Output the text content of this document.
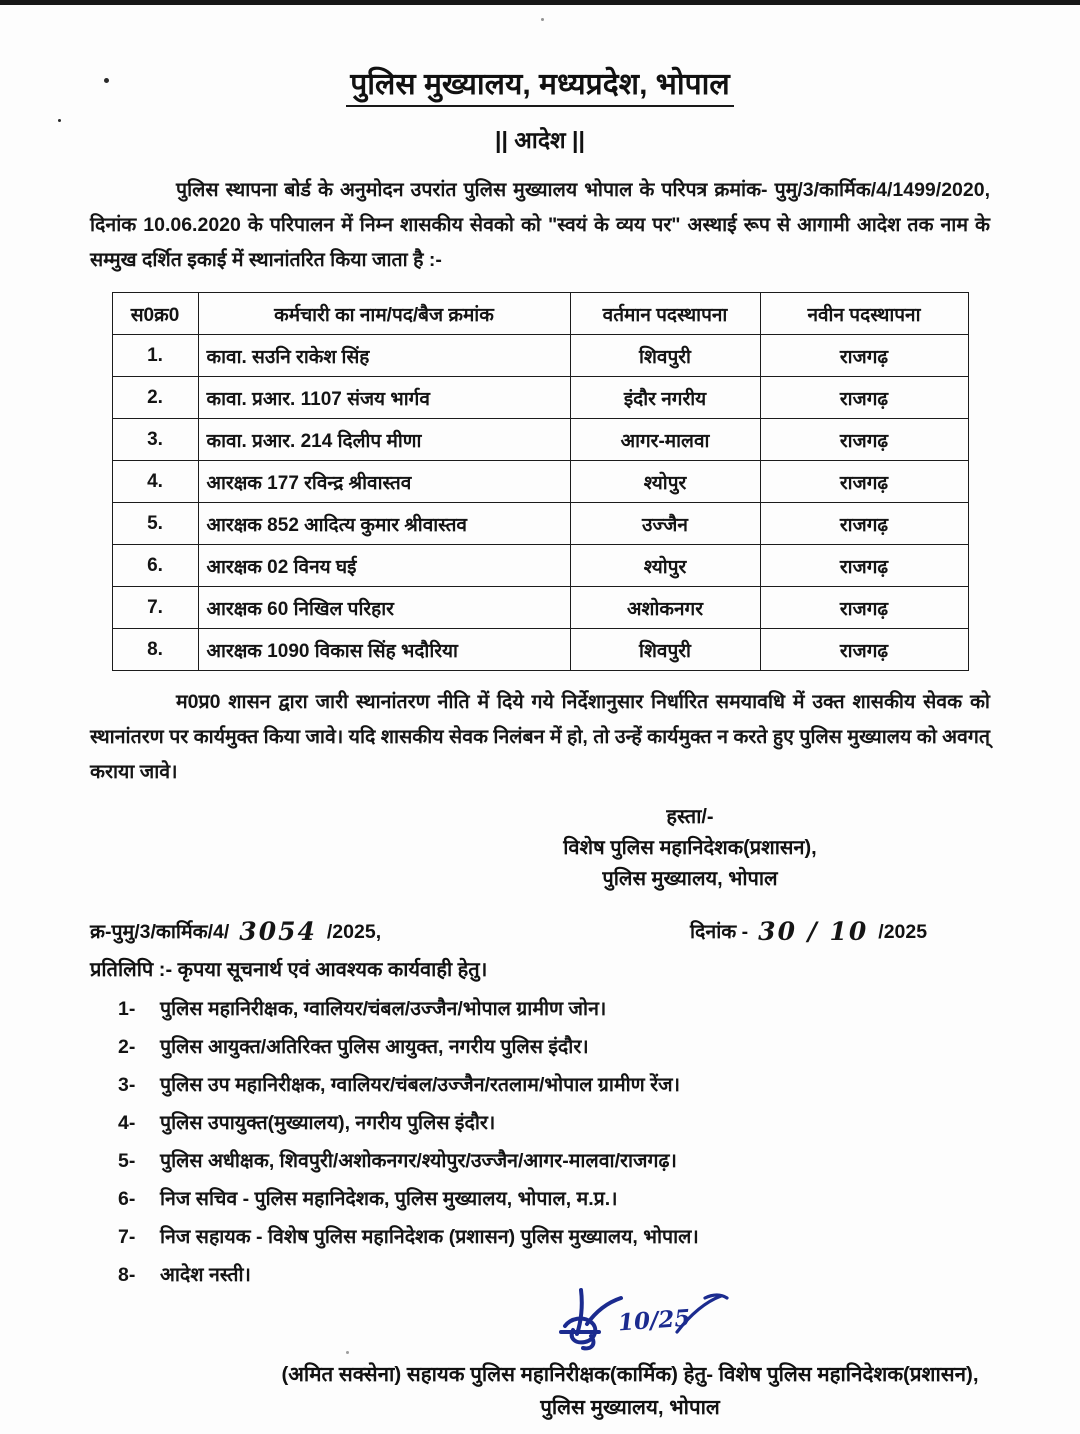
पुलिस मुख्यालय, मध्यप्रदेश, भोपाल
|| आदेश ||

पुलिस स्थापना बोर्ड के अनुमोदन उपरांत पुलिस मुख्यालय भोपाल के परिपत्र क्रमांक- पुमु/3/कार्मिक/4/1499/2020, दिनांक 10.06.2020 के परिपालन में निम्न शासकीय सेवको को "स्वयं के व्यय पर" अस्थाई रूप से आगामी आदेश तक नाम के सम्मुख दर्शित इकाई में स्थानांतरित किया जाता है :-

स0क्र0	कर्मचारी का नाम/पद/बैज क्रमांक	वर्तमान पदस्थापना	नवीन पदस्थापना
1.	कावा. सउनि राकेश सिंह	शिवपुरी	राजगढ़
2.	कावा. प्रआर. 1107 संजय भार्गव	इंदौर नगरीय	राजगढ़
3.	कावा. प्रआर. 214 दिलीप मीणा	आगर-मालवा	राजगढ़
4.	आरक्षक 177 रविन्द्र श्रीवास्तव	श्योपुर	राजगढ़
5.	आरक्षक 852 आदित्य कुमार श्रीवास्तव	उज्जैन	राजगढ़
6.	आरक्षक 02 विनय घई	श्योपुर	राजगढ़
7.	आरक्षक 60 निखिल परिहार	अशोकनगर	राजगढ़
8.	आरक्षक 1090 विकास सिंह भदौरिया	शिवपुरी	राजगढ़

म0प्र0 शासन द्वारा जारी स्थानांतरण नीति में दिये गये निर्देशानुसार निर्धारित समयावधि में उक्त शासकीय सेवक को स्थानांतरण पर कार्यमुक्त किया जावे। यदि शासकीय सेवक निलंबन में हो, तो उन्हें कार्यमुक्त न करते हुए पुलिस मुख्यालय को अवगत् कराया जावे।

हस्ता/-
विशेष पुलिस महानिदेशक(प्रशासन),
पुलिस मुख्यालय, भोपाल
क्र-पुमु/3/कार्मिक/4/ 3054 /2025,	दिनांक - 30 / 10 /2025
प्रतिलिपि :- कृपया सूचनार्थ एवं आवश्यक कार्यवाही हेतु।
1-	पुलिस महानिरीक्षक, ग्वालियर/चंबल/उज्जैन/भोपाल ग्रामीण जोन।
2-	पुलिस आयुक्त/अतिरिक्त पुलिस आयुक्त, नगरीय पुलिस इंदौर।
3-	पुलिस उप महानिरीक्षक, ग्वालियर/चंबल/उज्जैन/रतलाम/भोपाल ग्रामीण रेंज।
4-	पुलिस उपायुक्त(मुख्यालय), नगरीय पुलिस इंदौर।
5-	पुलिस अधीक्षक, शिवपुरी/अशोकनगर/श्योपुर/उज्जैन/आगर-मालवा/राजगढ़।
6-	निज सचिव - पुलिस महानिदेशक, पुलिस मुख्यालय, भोपाल, म.प्र.।
7-	निज सहायक - विशेष पुलिस महानिदेशक (प्रशासन) पुलिस मुख्यालय, भोपाल।
8-	आदेश नस्ती।
10/25
(अमित सक्सेना) सहायक पुलिस महानिरीक्षक(कार्मिक) हेतु- विशेष पुलिस महानिदेशक(प्रशासन), पुलिस मुख्यालय, भोपाल
